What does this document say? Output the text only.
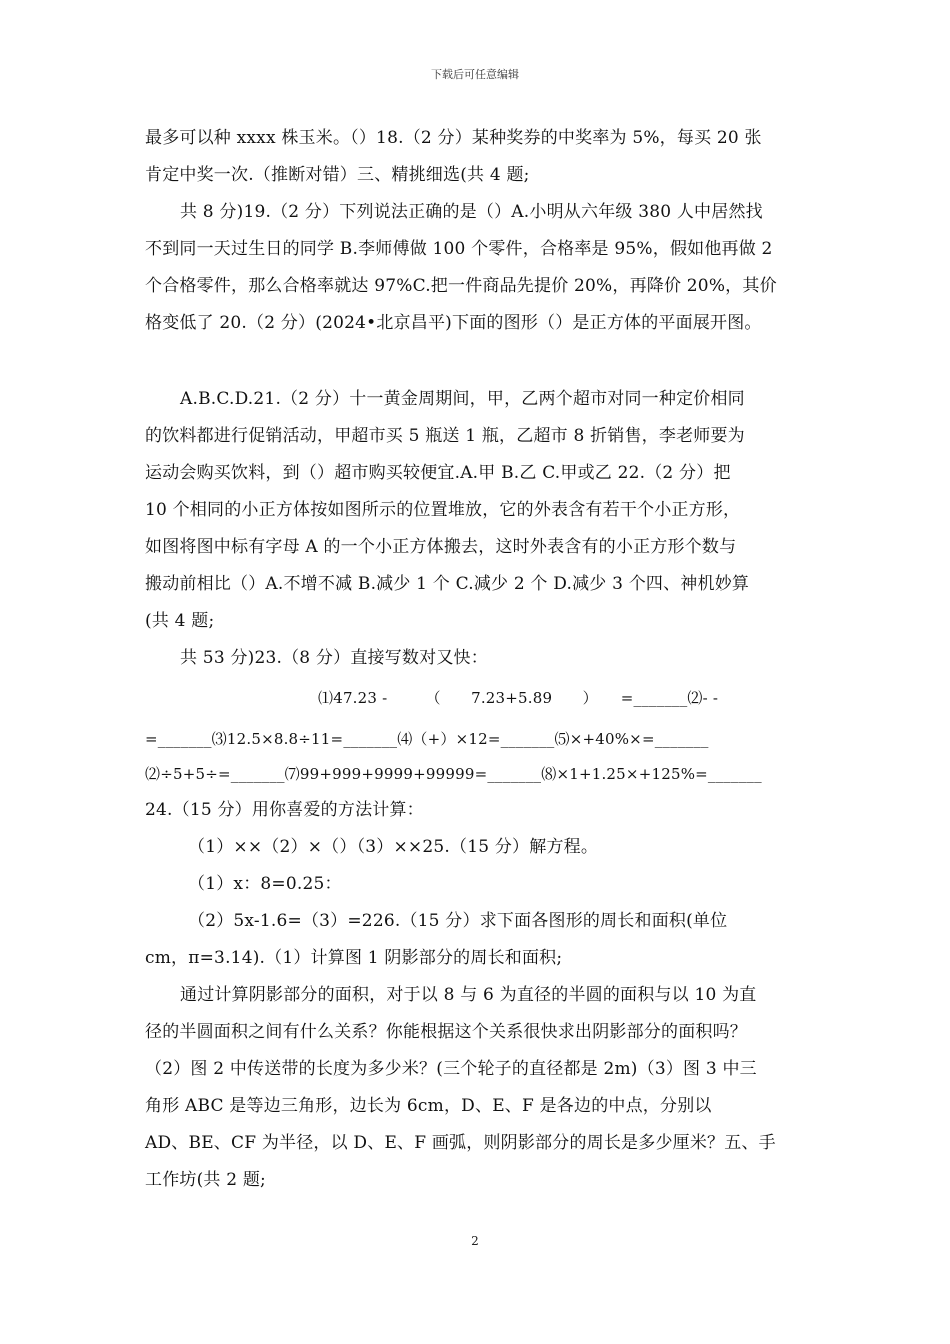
下载后可任意编辑
最多可以种 xxxx 株玉米。（）18.（2 分）某种奖券的中奖率为 5%，每买 20 张
肯定中奖一次.（推断对错）三、精挑细选(共 4 题;
共 8 分)19.（2 分）下列说法正确的是（）A.小明从六年级 380 人中居然找
不到同一天过生日的同学 B.李师傅做 100 个零件，合格率是 95%，假如他再做 2
个合格零件，那么合格率就达 97%C.把一件商品先提价 20%，再降价 20%，其价
格变低了 20.（2 分）(2024•北京昌平)下面的图形（）是正方体的平面展开图。
A.B.C.D.21.（2 分）十一黄金周期间，甲，乙两个超市对同一种定价相同
的饮料都进行促销活动，甲超市买 5 瓶送 1 瓶，乙超市 8 折销售，李老师要为
运动会购买饮料，到（）超市购买较便宜.A.甲 B.乙 C.甲或乙 22.（2 分）把
10 个相同的小正方体按如图所示的位置堆放，它的外表含有若干个小正方形，
如图将图中标有字母 A 的一个小正方体搬去，这时外表含有的小正方形个数与
搬动前相比（）A.不增不减 B.减少 1 个 C.减少 2 个 D.减少 3 个四、神机妙算
(共 4 题;
共 53 分)23.（8 分）直接写数对又快：
⑴47.23 -　　　（　　7.23+5.89　　）　　=_______⑵- -
=_______⑶12.5×8.8÷11=_______⑷（+）×12=_______⑸×+40%×=_______
⑵÷5+5÷=_______⑺99+999+9999+99999=_______⑻×1+1.25×+125%=_______
24.（15 分）用你喜爱的方法计算：
（1）××（2）×（）（3）××25.（15 分）解方程。
（1）x：8=0.25：
（2）5x-1.6=（3）=226.（15 分）求下面各图形的周长和面积(单位
cm，π=3.14).（1）计算图 1 阴影部分的周长和面积;
通过计算阴影部分的面积，对于以 8 与 6 为直径的半圆的面积与以 10 为直
径的半圆面积之间有什么关系？你能根据这个关系很快求出阴影部分的面积吗？
（2）图 2 中传送带的长度为多少米？(三个轮子的直径都是 2m)（3）图 3 中三
角形 ABC 是等边三角形，边长为 6cm，D、E、F 是各边的中点，分别以
AD、BE、CF 为半径，以 D、E、F 画弧，则阴影部分的周长是多少厘米？五、手
工作坊(共 2 题;
2
